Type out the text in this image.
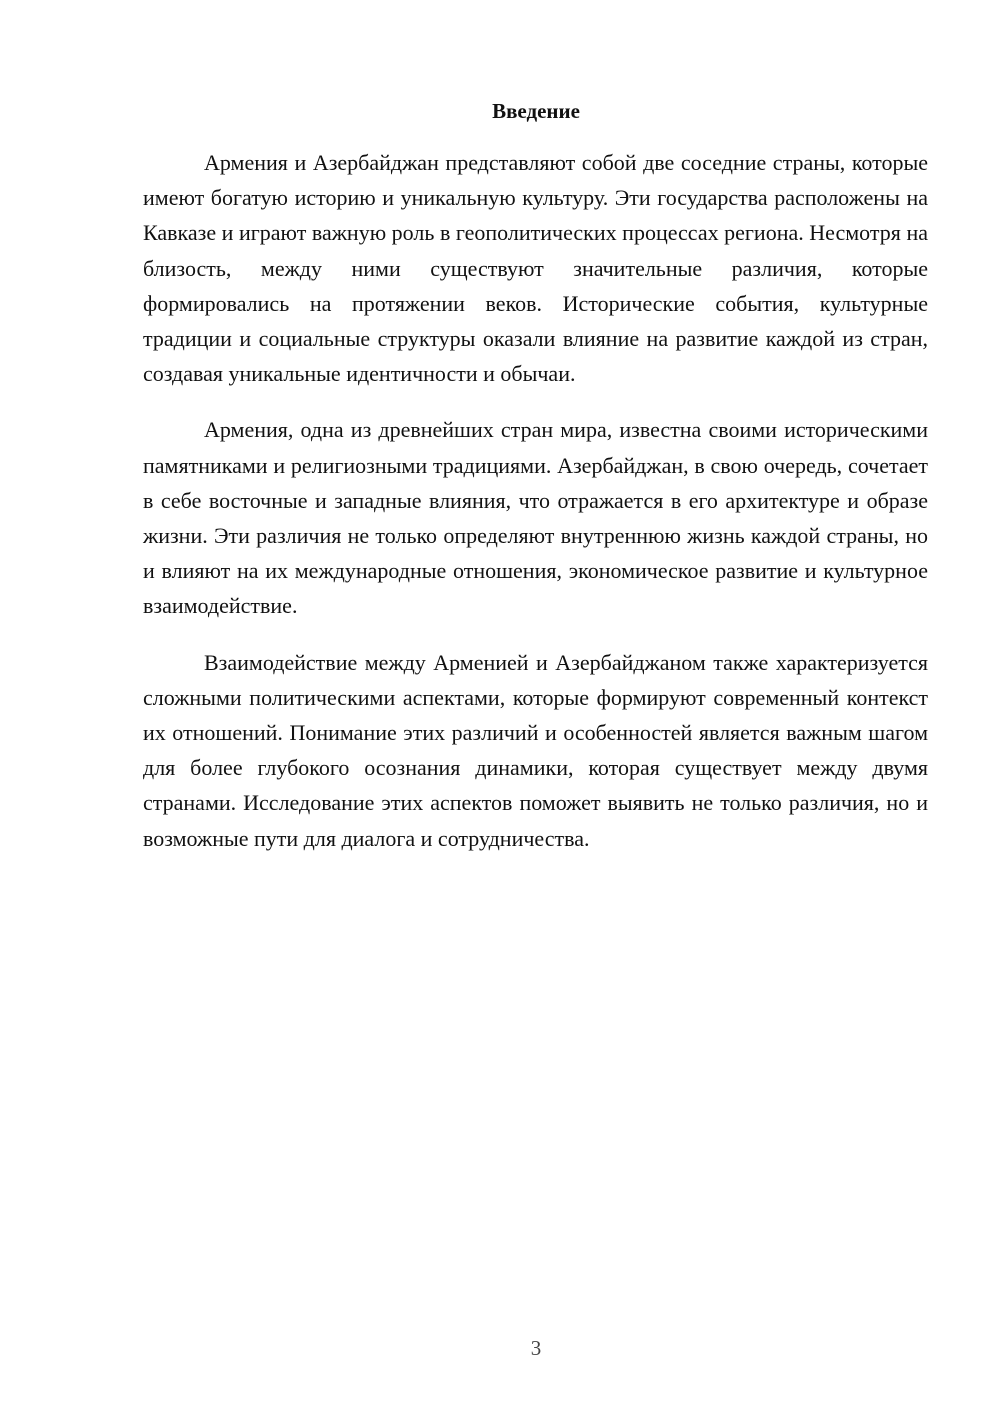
Введение

Армения и Азербайджан представляют собой две соседние страны, которые имеют богатую историю и уникальную культуру. Эти государства расположены на Кавказе и играют важную роль в геополитических процессах региона. Несмотря на близость, между ними существуют значительные различия, которые формировались на протяжении веков. Исторические события, культурные традиции и социальные структуры оказали влияние на развитие каждой из стран, создавая уникальные идентичности и обычаи.

Армения, одна из древнейших стран мира, известна своими историческими памятниками и религиозными традициями. Азербайджан, в свою очередь, сочетает в себе восточные и западные влияния, что отражается в его архитектуре и образе жизни. Эти различия не только определяют внутреннюю жизнь каждой страны, но и влияют на их международные отношения, экономическое развитие и культурное взаимодействие.

Взаимодействие между Арменией и Азербайджаном также характеризуется сложными политическими аспектами, которые формируют современный контекст их отношений. Понимание этих различий и особенностей является важным шагом для более глубокого осознания динамики, которая существует между двумя странами. Исследование этих аспектов поможет выявить не только различия, но и возможные пути для диалога и сотрудничества.

3
